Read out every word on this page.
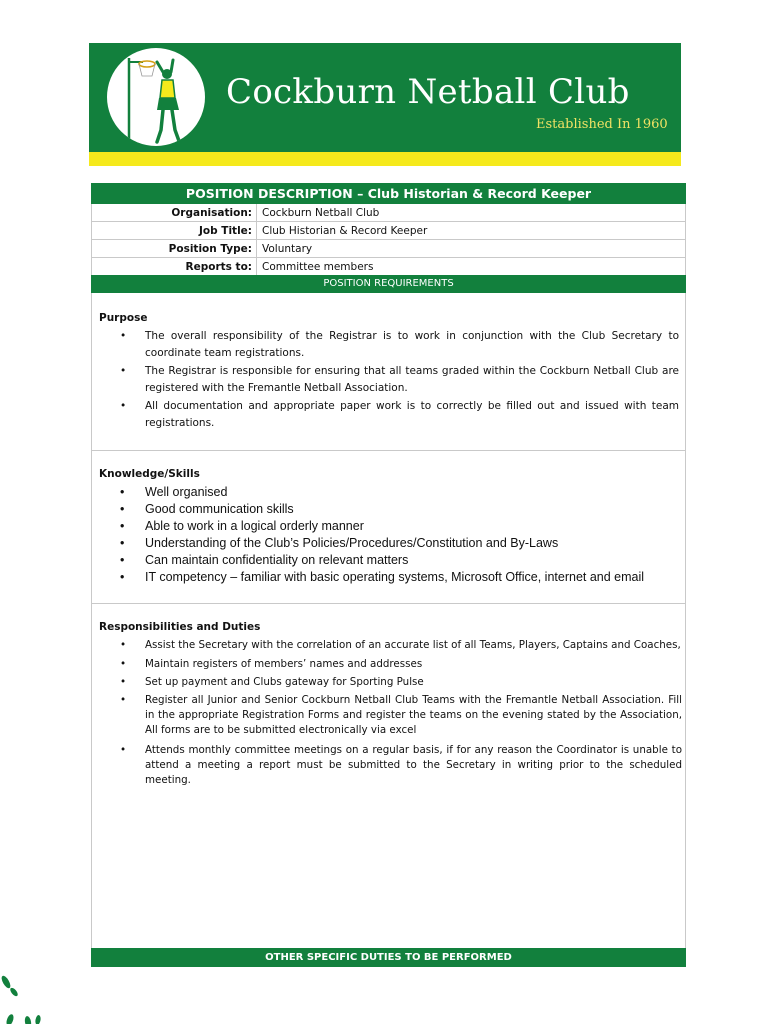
Cockburn Netball Club
Established In 1960
POSITION DESCRIPTION – Club Historian & Record Keeper
Organisation: Cockburn Netball Club
Job Title: Club Historian & Record Keeper
Position Type: Voluntary
Reports to: Committee members
POSITION REQUIREMENTS
Purpose
• The overall responsibility of the Registrar is to work in conjunction with the Club Secretary to coordinate team registrations.
• The Registrar is responsible for ensuring that all teams graded within the Cockburn Netball Club are registered with the Fremantle Netball Association.
• All documentation and appropriate paper work is to correctly be filled out and issued with team registrations.
Knowledge/Skills
• Well organised
• Good communication skills
• Able to work in a logical orderly manner
• Understanding of the Club’s Policies/Procedures/Constitution and By-Laws
• Can maintain confidentiality on relevant matters
• IT competency – familiar with basic operating systems, Microsoft Office, internet and email
Responsibilities and Duties
• Assist the Secretary with the correlation of an accurate list of all Teams, Players, Captains and Coaches,
• Maintain registers of members’ names and addresses
• Set up payment and Clubs gateway for Sporting Pulse
• Register all Junior and Senior Cockburn Netball Club Teams with the Fremantle Netball Association. Fill in the appropriate Registration Forms and register the teams on the evening stated by the Association, All forms are to be submitted electronically via excel
• Attends monthly committee meetings on a regular basis, if for any reason the Coordinator is unable to attend a meeting a report must be submitted to the Secretary in writing prior to the scheduled meeting.
OTHER SPECIFIC DUTIES TO BE PERFORMED
